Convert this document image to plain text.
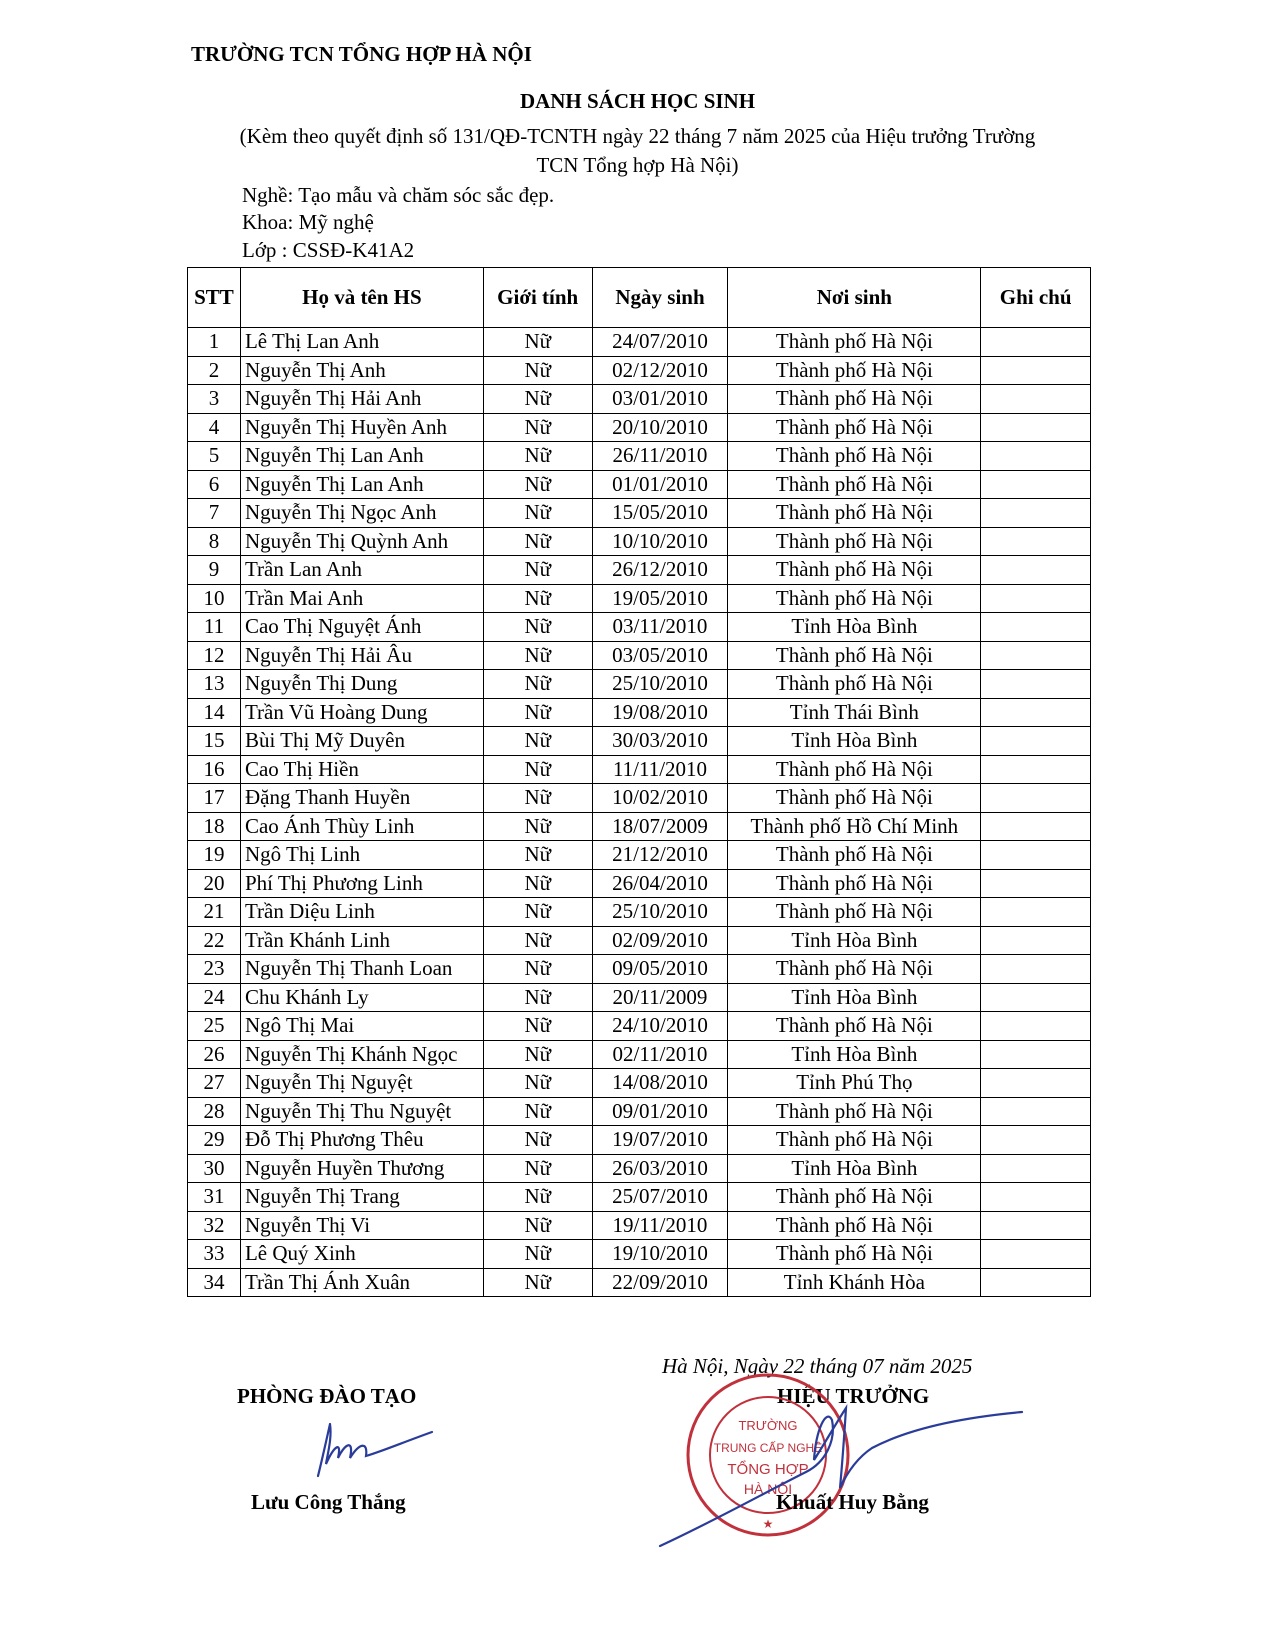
TRƯỜNG TCN TỔNG HỢP HÀ NỘI
DANH SÁCH HỌC SINH
(Kèm theo quyết định số 131/QĐ-TCNTH ngày 22 tháng 7 năm 2025 của Hiệu trưởng Trường
TCN Tổng hợp Hà Nội)
Nghề: Tạo mẫu và chăm sóc sắc đẹp.
Khoa: Mỹ nghệ
Lớp : CSSĐ-K41A2
STT	Họ và tên HS	Giới tính	Ngày sinh	Nơi sinh	Ghi chú
1	Lê Thị Lan Anh	Nữ	24/07/2010	Thành phố Hà Nội	
2	Nguyễn Thị Anh	Nữ	02/12/2010	Thành phố Hà Nội	
3	Nguyễn Thị Hải Anh	Nữ	03/01/2010	Thành phố Hà Nội	
4	Nguyễn Thị Huyền Anh	Nữ	20/10/2010	Thành phố Hà Nội	
5	Nguyễn Thị Lan Anh	Nữ	26/11/2010	Thành phố Hà Nội	
6	Nguyễn Thị Lan Anh	Nữ	01/01/2010	Thành phố Hà Nội	
7	Nguyễn Thị Ngọc Anh	Nữ	15/05/2010	Thành phố Hà Nội	
8	Nguyễn Thị Quỳnh Anh	Nữ	10/10/2010	Thành phố Hà Nội	
9	Trần Lan Anh	Nữ	26/12/2010	Thành phố Hà Nội	
10	Trần Mai Anh	Nữ	19/05/2010	Thành phố Hà Nội	
11	Cao Thị Nguyệt Ánh	Nữ	03/11/2010	Tỉnh Hòa Bình	
12	Nguyễn Thị Hải Âu	Nữ	03/05/2010	Thành phố Hà Nội	
13	Nguyễn Thị Dung	Nữ	25/10/2010	Thành phố Hà Nội	
14	Trần Vũ Hoàng Dung	Nữ	19/08/2010	Tỉnh Thái Bình	
15	Bùi Thị Mỹ Duyên	Nữ	30/03/2010	Tỉnh Hòa Bình	
16	Cao Thị Hiền	Nữ	11/11/2010	Thành phố Hà Nội	
17	Đặng Thanh Huyền	Nữ	10/02/2010	Thành phố Hà Nội	
18	Cao Ánh Thùy Linh	Nữ	18/07/2009	Thành phố Hồ Chí Minh	
19	Ngô Thị Linh	Nữ	21/12/2010	Thành phố Hà Nội	
20	Phí Thị Phương Linh	Nữ	26/04/2010	Thành phố Hà Nội	
21	Trần Diệu Linh	Nữ	25/10/2010	Thành phố Hà Nội	
22	Trần Khánh Linh	Nữ	02/09/2010	Tỉnh Hòa Bình	
23	Nguyễn Thị Thanh Loan	Nữ	09/05/2010	Thành phố Hà Nội	
24	Chu Khánh Ly	Nữ	20/11/2009	Tỉnh Hòa Bình	
25	Ngô Thị Mai	Nữ	24/10/2010	Thành phố Hà Nội	
26	Nguyễn Thị Khánh Ngọc	Nữ	02/11/2010	Tỉnh Hòa Bình	
27	Nguyễn Thị Nguyệt	Nữ	14/08/2010	Tỉnh Phú Thọ	
28	Nguyễn Thị Thu Nguyệt	Nữ	09/01/2010	Thành phố Hà Nội	
29	Đỗ Thị Phương Thêu	Nữ	19/07/2010	Thành phố Hà Nội	
30	Nguyễn Huyền Thương	Nữ	26/03/2010	Tỉnh Hòa Bình	
31	Nguyễn Thị Trang	Nữ	25/07/2010	Thành phố Hà Nội	
32	Nguyễn Thị Vi	Nữ	19/11/2010	Thành phố Hà Nội	
33	Lê Quý Xinh	Nữ	19/10/2010	Thành phố Hà Nội	
34	Trần Thị Ánh Xuân	Nữ	22/09/2010	Tỉnh Khánh Hòa	
Hà Nội, Ngày 22 tháng 07 năm 2025
PHÒNG ĐÀO TẠO	HIỆU TRƯỞNG
TRƯỜNG
TRUNG CẤP NGHỀ
TỔNG HỢP
HÀ NỘI
★
Lưu Công Thắng	Khuất Huy Bằng
